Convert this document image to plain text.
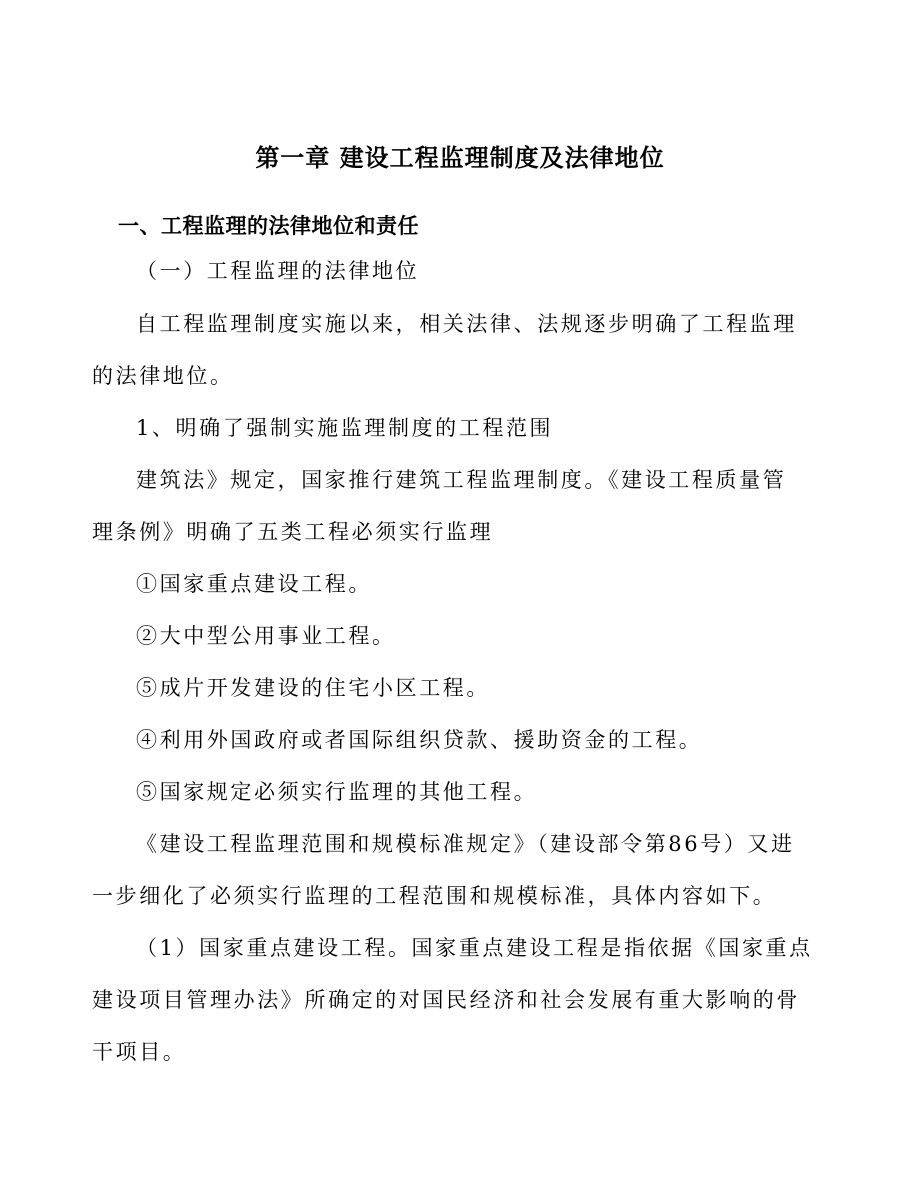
第一章 建设工程监理制度及法律地位
一、工程监理的法律地位和责任
（一）工程监理的法律地位
自工程监理制度实施以来，相关法律、法规逐步明确了工程监理
的法律地位。
1、明确了强制实施监理制度的工程范围
建筑法》规定，国家推行建筑工程监理制度。《建设工程质量管
理条例》明确了五类工程必须实行监理
①国家重点建设工程。
②大中型公用事业工程。
⑤成片开发建设的住宅小区工程。
④利用外国政府或者国际组织贷款、援助资金的工程。
⑤国家规定必须实行监理的其他工程。
《建设工程监理范围和规模标准规定》（建设部令第86号）又进
一步细化了必须实行监理的工程范围和规模标准，具体内容如下。
（1）国家重点建设工程。国家重点建设工程是指依据《国家重点
建设项目管理办法》所确定的对国民经济和社会发展有重大影响的骨
干项目。
